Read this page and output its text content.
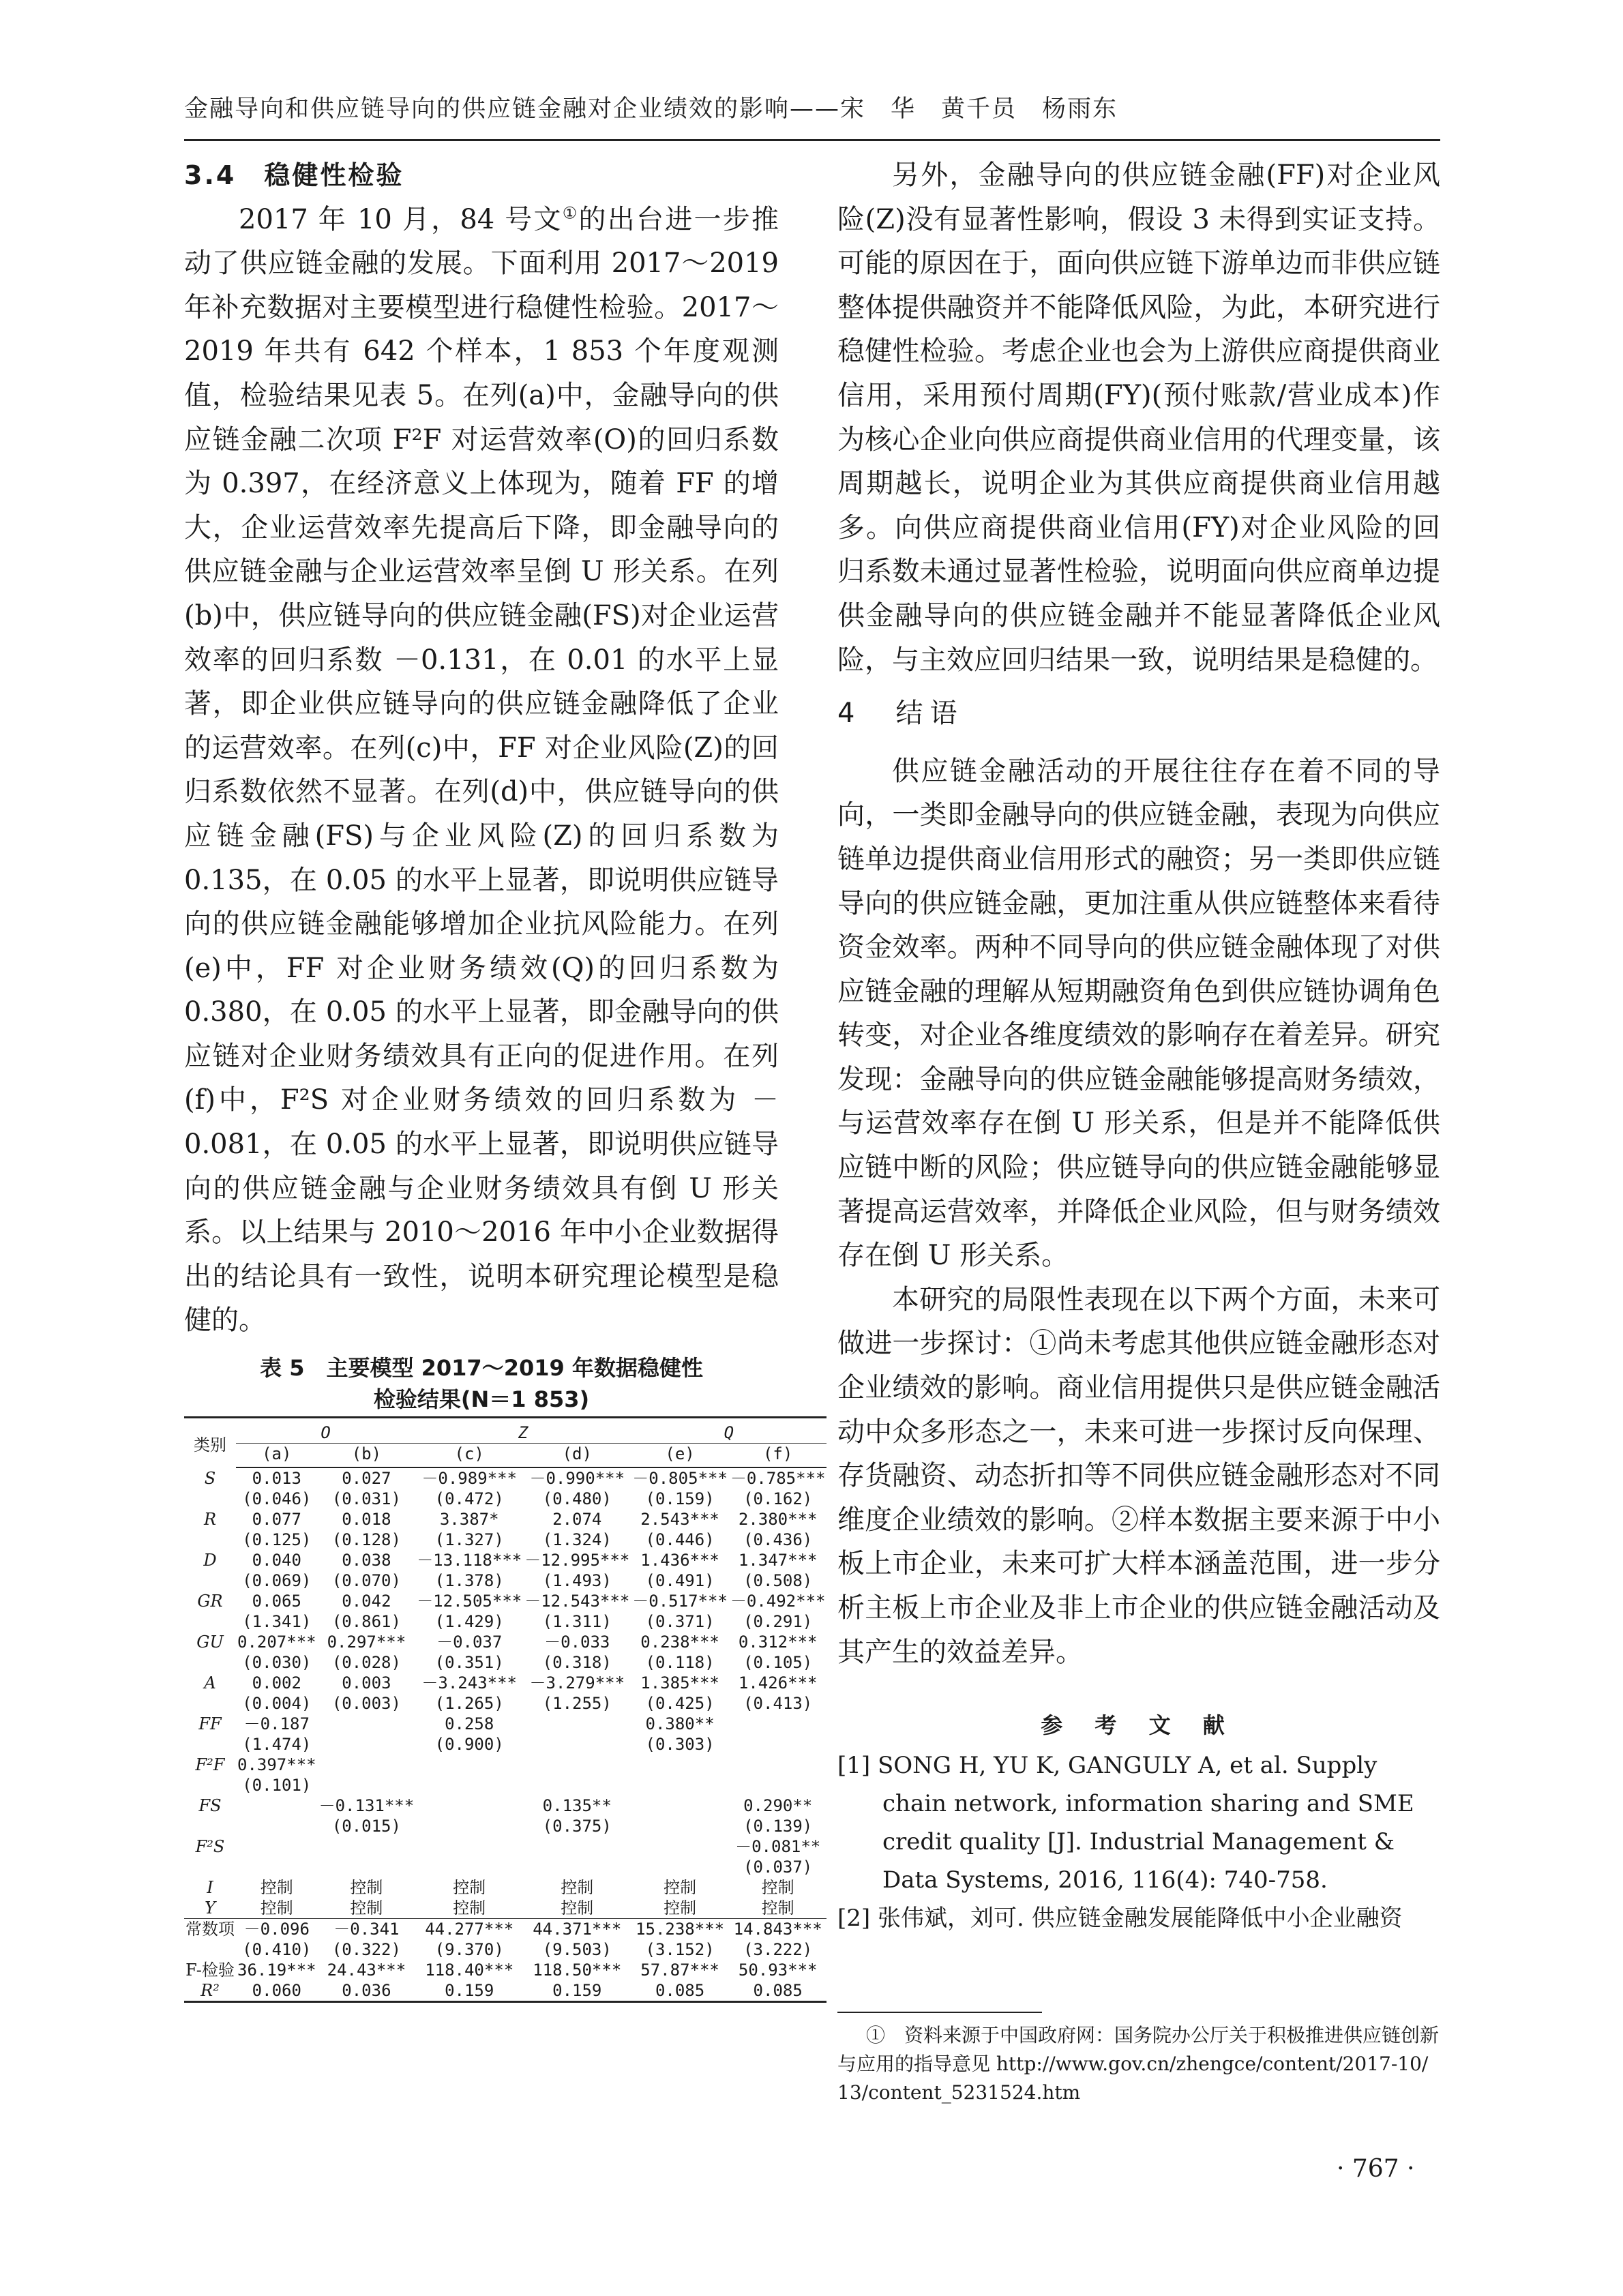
金融导向和供应链导向的供应链金融对企业绩效的影响——宋　华　黄千员　杨雨东
3.4　稳健性检验

2017 年 10 月，84 号文①的出台进一步推动了供应链金融的发展。下面利用 2017～2019 年补充数据对主要模型进行稳健性检验。2017～2019 年共有 642 个样本，1 853 个年度观测值，检验结果见表 5。在列(a)中，金融导向的供应链金融二次项 F²F 对运营效率(O)的回归系数为 0.397，在经济意义上体现为，随着 FF 的增大，企业运营效率先提高后下降，即金融导向的供应链金融与企业运营效率呈倒 U 形关系。在列(b)中，供应链导向的供应链金融(FS)对企业运营效率的回归系数 －0.131，在 0.01 的水平上显著，即企业供应链导向的供应链金融降低了企业的运营效率。在列(c)中，FF 对企业风险(Z)的回归系数依然不显著。在列(d)中，供应链导向的供应链金融(FS)与企业风险(Z)的回归系数为 0.135，在 0.05 的水平上显著，即说明供应链导向的供应链金融能够增加企业抗风险能力。在列(e)中，FF 对企业财务绩效(Q)的回归系数为 0.380，在 0.05 的水平上显著，即金融导向的供应链对企业财务绩效具有正向的促进作用。在列(f)中，F²S 对企业财务绩效的回归系数为 －0.081，在 0.05 的水平上显著，即说明供应链导向的供应链金融与企业财务绩效具有倒 U 形关系。以上结果与 2010～2016 年中小企业数据得出的结论具有一致性，说明本研究理论模型是稳健的。

表 5　主要模型 2017～2019 年数据稳健性
检验结果(N＝1 853)
类别	O		Z		Q	
	(a)	(b)	(c)	(d)	(e)	(f)
S	0.013	0.027	－0.989***	－0.990***	－0.805***	－0.785***
	(0.046)	(0.031)	(0.472)	(0.480)	(0.159)	(0.162)
R	0.077	0.018	3.387*	2.074	2.543***	2.380***
	(0.125)	(0.128)	(1.327)	(1.324)	(0.446)	(0.436)
D	0.040	0.038	－13.118***	－12.995***	1.436***	1.347***
	(0.069)	(0.070)	(1.378)	(1.493)	(0.491)	(0.508)
GR	0.065	0.042	－12.505***	－12.543***	－0.517***	－0.492***
	(1.341)	(0.861)	(1.429)	(1.311)	(0.371)	(0.291)
GU	0.207***	0.297***	－0.037	－0.033	0.238***	0.312***
	(0.030)	(0.028)	(0.351)	(0.318)	(0.118)	(0.105)
A	0.002	0.003	－3.243***	－3.279***	1.385***	1.426***
	(0.004)	(0.003)	(1.265)	(1.255)	(0.425)	(0.413)
FF	－0.187		0.258		0.380**	
	(1.474)		(0.900)		(0.303)	
F²F	0.397***					
	(0.101)					
FS		－0.131***		0.135**		0.290**
		(0.015)		(0.375)		(0.139)
F²S						－0.081**
						(0.037)
I	控制	控制	控制	控制	控制	控制
Y	控制	控制	控制	控制	控制	控制
常数项	－0.096	－0.341	44.277***	44.371***	15.238***	14.843***
	(0.410)	(0.322)	(9.370)	(9.503)	(3.152)	(3.222)
F-检验	36.19***	24.43***	118.40***	118.50***	57.87***	50.93***
R²	0.060	0.036	0.159	0.159	0.085	0.085

另外，金融导向的供应链金融(FF)对企业风险(Z)没有显著性影响，假设 3 未得到实证支持。可能的原因在于，面向供应链下游单边而非供应链整体提供融资并不能降低风险，为此，本研究进行稳健性检验。考虑企业也会为上游供应商提供商业信用，采用预付周期(FY)(预付账款/营业成本)作为核心企业向供应商提供商业信用的代理变量，该周期越长，说明企业为其供应商提供商业信用越多。向供应商提供商业信用(FY)对企业风险的回归系数未通过显著性检验，说明面向供应商单边提供金融导向的供应链金融并不能显著降低企业风险，与主效应回归结果一致，说明结果是稳健的。

4　结语

供应链金融活动的开展往往存在着不同的导向，一类即金融导向的供应链金融，表现为向供应链单边提供商业信用形式的融资；另一类即供应链导向的供应链金融，更加注重从供应链整体来看待资金效率。两种不同导向的供应链金融体现了对供应链金融的理解从短期融资角色到供应链协调角色转变，对企业各维度绩效的影响存在着差异。研究发现：金融导向的供应链金融能够提高财务绩效，与运营效率存在倒 U 形关系，但是并不能降低供应链中断的风险；供应链导向的供应链金融能够显著提高运营效率，并降低企业风险，但与财务绩效存在倒 U 形关系。

本研究的局限性表现在以下两个方面，未来可做进一步探讨：①尚未考虑其他供应链金融形态对企业绩效的影响。商业信用提供只是供应链金融活动中众多形态之一，未来可进一步探讨反向保理、存货融资、动态折扣等不同供应链金融形态对不同维度企业绩效的影响。②样本数据主要来源于中小板上市企业，未来可扩大样本涵盖范围，进一步分析主板上市企业及非上市企业的供应链金融活动及其产生的效益差异。

参 考 文 献
[1] SONG H, YU K, GANGULY A, et al. Supply chain network, information sharing and SME credit quality [J]. Industrial Management & Data Systems, 2016, 116(4): 740-758.
[2] 张伟斌，刘可. 供应链金融发展能降低中小企业融资

①　资料来源于中国政府网：国务院办公厅关于积极推进供应链创新与应用的指导意见 http://www.gov.cn/zhengce/content/2017-10/13/content_5231524.htm

· 767 ·
